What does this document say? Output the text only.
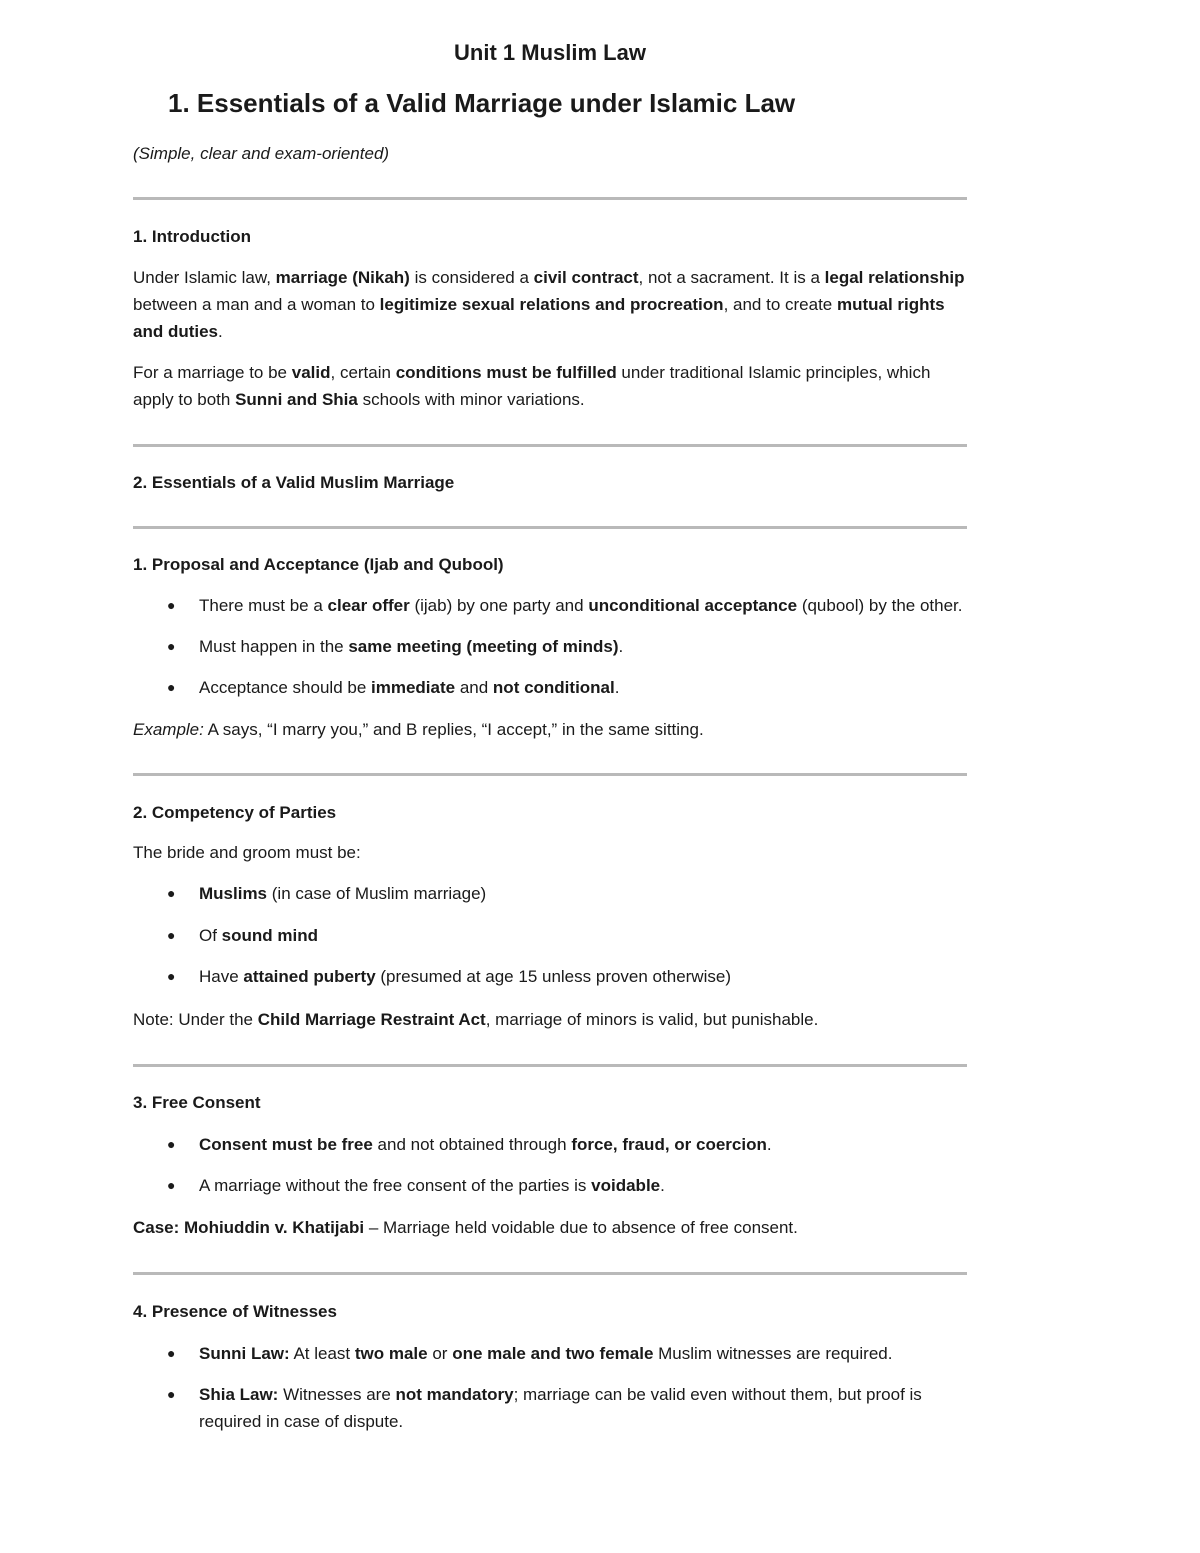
Unit 1 Muslim Law
1. Essentials of a Valid Marriage under Islamic Law

(Simple, clear and exam-oriented)

1. Introduction

Under Islamic law, marriage (Nikah) is considered a civil contract, not a sacrament. It is a legal relationship between a man and a woman to legitimize sexual relations and procreation, and to create mutual rights and duties.

For a marriage to be valid, certain conditions must be fulfilled under traditional Islamic principles, which apply to both Sunni and Shia schools with minor variations.

2. Essentials of a Valid Muslim Marriage

1. Proposal and Acceptance (Ijab and Qubool)

● There must be a clear offer (ijab) by one party and unconditional acceptance (qubool) by the other.
● Must happen in the same meeting (meeting of minds).
● Acceptance should be immediate and not conditional.

Example: A says, “I marry you,” and B replies, “I accept,” in the same sitting.

2. Competency of Parties

The bride and groom must be:

● Muslims (in case of Muslim marriage)
● Of sound mind
● Have attained puberty (presumed at age 15 unless proven otherwise)

Note: Under the Child Marriage Restraint Act, marriage of minors is valid, but punishable.

3. Free Consent

● Consent must be free and not obtained through force, fraud, or coercion.
● A marriage without the free consent of the parties is voidable.

Case: Mohiuddin v. Khatijabi – Marriage held voidable due to absence of free consent.

4. Presence of Witnesses

● Sunni Law: At least two male or one male and two female Muslim witnesses are required.
● Shia Law: Witnesses are not mandatory; marriage can be valid even without them, but proof is required in case of dispute.
